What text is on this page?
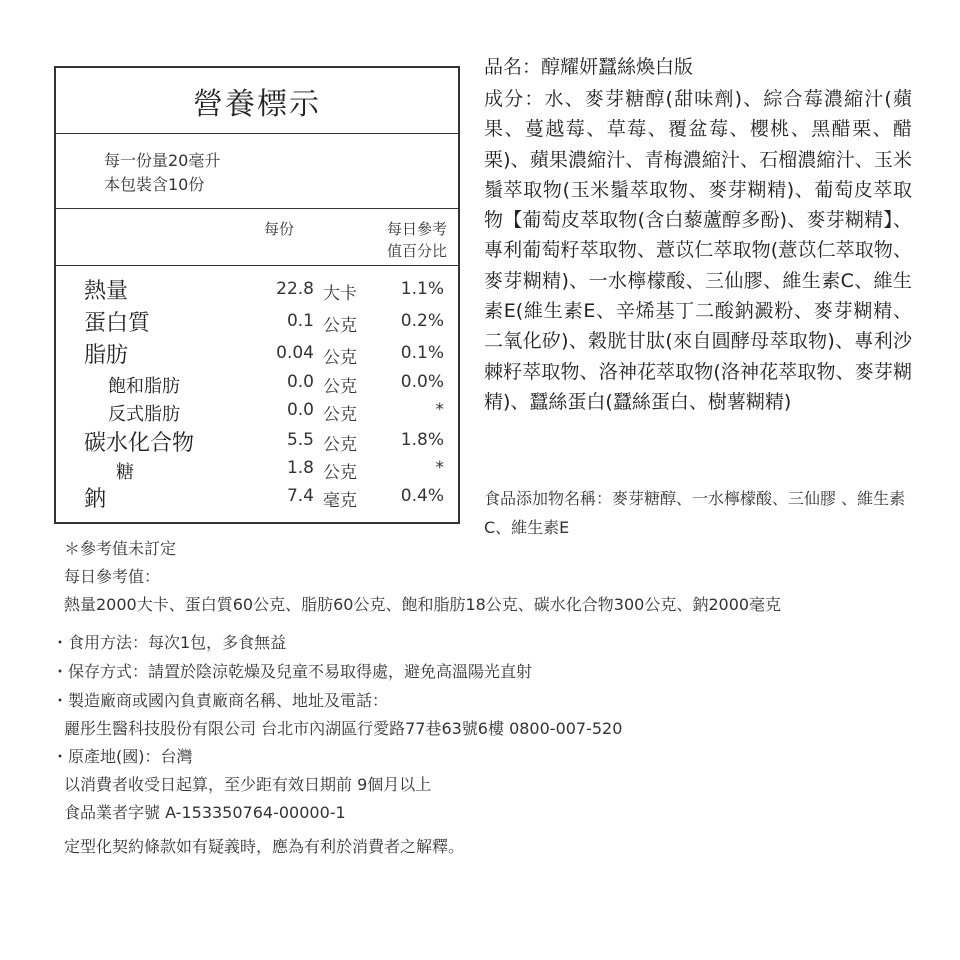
營養標示
每一份量20毫升
本包裝含10份
每份	每日參考
值百分比
熱量	22.8 大卡	1.1%
蛋白質	0.1 公克	0.2%
脂肪	0.04 公克	0.1%
飽和脂肪	0.0 公克	0.0%
反式脂肪	0.0 公克	*
碳水化合物	5.5 公克	1.8%
糖	1.8 公克	*
鈉	7.4 毫克	0.4%
品名：醇耀妍蠶絲煥白版
成分：水、麥芽糖醇(甜味劑)、綜合莓濃縮汁(蘋果、蔓越莓、草莓、覆盆莓、櫻桃、黑醋栗、醋栗)、蘋果濃縮汁、青梅濃縮汁、石榴濃縮汁、玉米鬚萃取物(玉米鬚萃取物、麥芽糊精)、葡萄皮萃取物【葡萄皮萃取物(含白藜蘆醇多酚)、麥芽糊精】、專利葡萄籽萃取物、薏苡仁萃取物(薏苡仁萃取物、麥芽糊精)、一水檸檬酸、三仙膠、維生素C、維生素E(維生素E、辛烯基丁二酸鈉澱粉、麥芽糊精、二氧化矽)、穀胱甘肽(來自圓酵母萃取物)、專利沙棘籽萃取物、洛神花萃取物(洛神花萃取物、麥芽糊精)、蠶絲蛋白(蠶絲蛋白、樹薯糊精)
食品添加物名稱：麥芽糖醇、一水檸檬酸、三仙膠 、維生素C、維生素E
＊參考值未訂定
每日參考值：
熱量2000大卡、蛋白質60公克、脂肪60公克、飽和脂肪18公克、碳水化合物300公克、鈉2000毫克
・食用方法：每次1包，多食無益
・保存方式：請置於陰涼乾燥及兒童不易取得處，避免高溫陽光直射
・製造廠商或國內負責廠商名稱、地址及電話：
麗彤生醫科技股份有限公司 台北市內湖區行愛路77巷63號6樓 0800-007-520
・原產地(國)：台灣
以消費者收受日起算，至少距有效日期前 9個月以上
食品業者字號 A-153350764-00000-1
定型化契約條款如有疑義時，應為有利於消費者之解釋。
